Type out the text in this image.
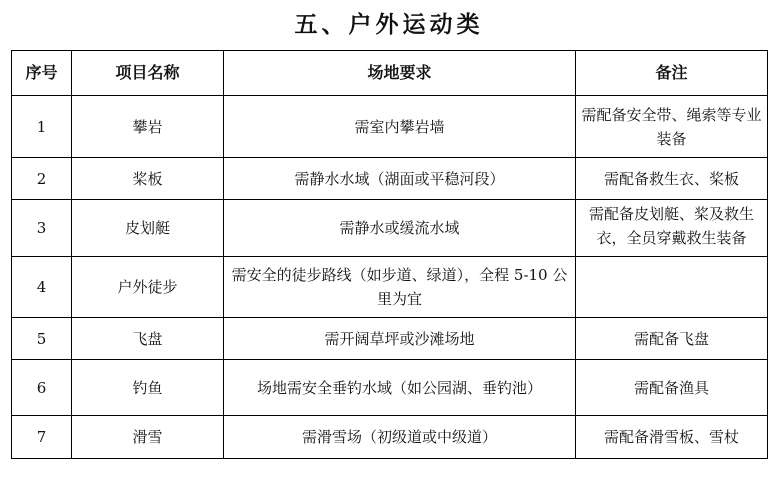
五、户外运动类
序号	项目名称	场地要求	备注
1	攀岩	需室内攀岩墙	需配备安全带、绳索等专业装备
2	桨板	需静水水域（湖面或平稳河段）	需配备救生衣、桨板
3	皮划艇	需静水或缓流水域	需配备皮划艇、桨及救生衣，全员穿戴救生装备

4	户外徒步	需安全的徒步路线（如步道、绿道），全程 5-10 公里为宜	
5	飞盘	需开阔草坪或沙滩场地	需配备飞盘
6	钓鱼	场地需安全垂钓水域（如公园湖、垂钓池）	需配备渔具
7	滑雪	需滑雪场（初级道或中级道）	需配备滑雪板、雪杖
